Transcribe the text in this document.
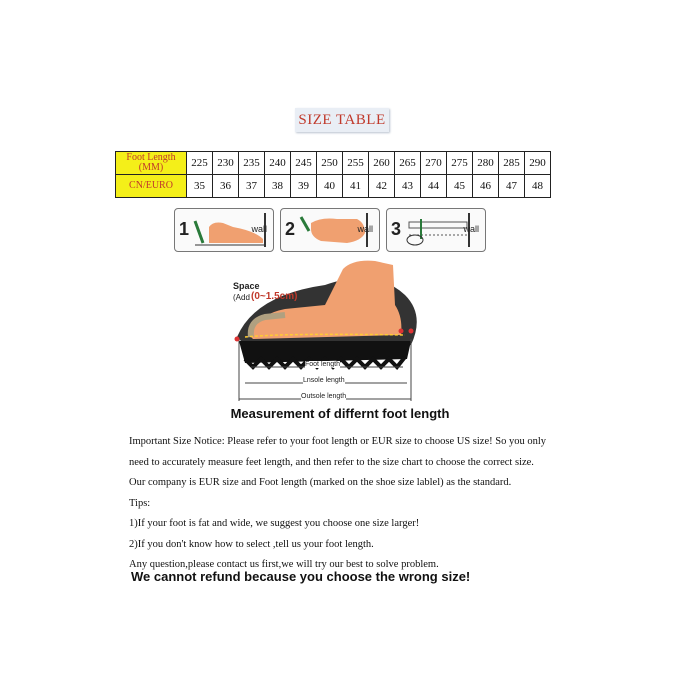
SIZE TABLE
Foot Length
(MM)	225	230	235	240	245	250	255	260	265	270	275	280	285	290
CN/EURO	35	36	37	38	39	40	41	42	43	44	45	46	47	48
1	wall 2	wall 3	wall
Space
(Add (0~1.5cm)
Foot length
Lnsole length
Outsole length
Measurement of differnt foot length

Important Size Notice: Please refer to your foot length or EUR size to choose US size! So you only

need to accurately measure feet length, and then refer to the size chart to choose the correct size.

Our company is EUR size and Foot length (marked on the shoe size lablel) as the standard.

Tips:

1)If your foot is fat and wide, we suggest you choose one size larger!

2)If you don't know how to select ,tell us your foot length.

Any question,please contact us first,we will try our best to solve problem.

We cannot refund because you choose the wrong size!
